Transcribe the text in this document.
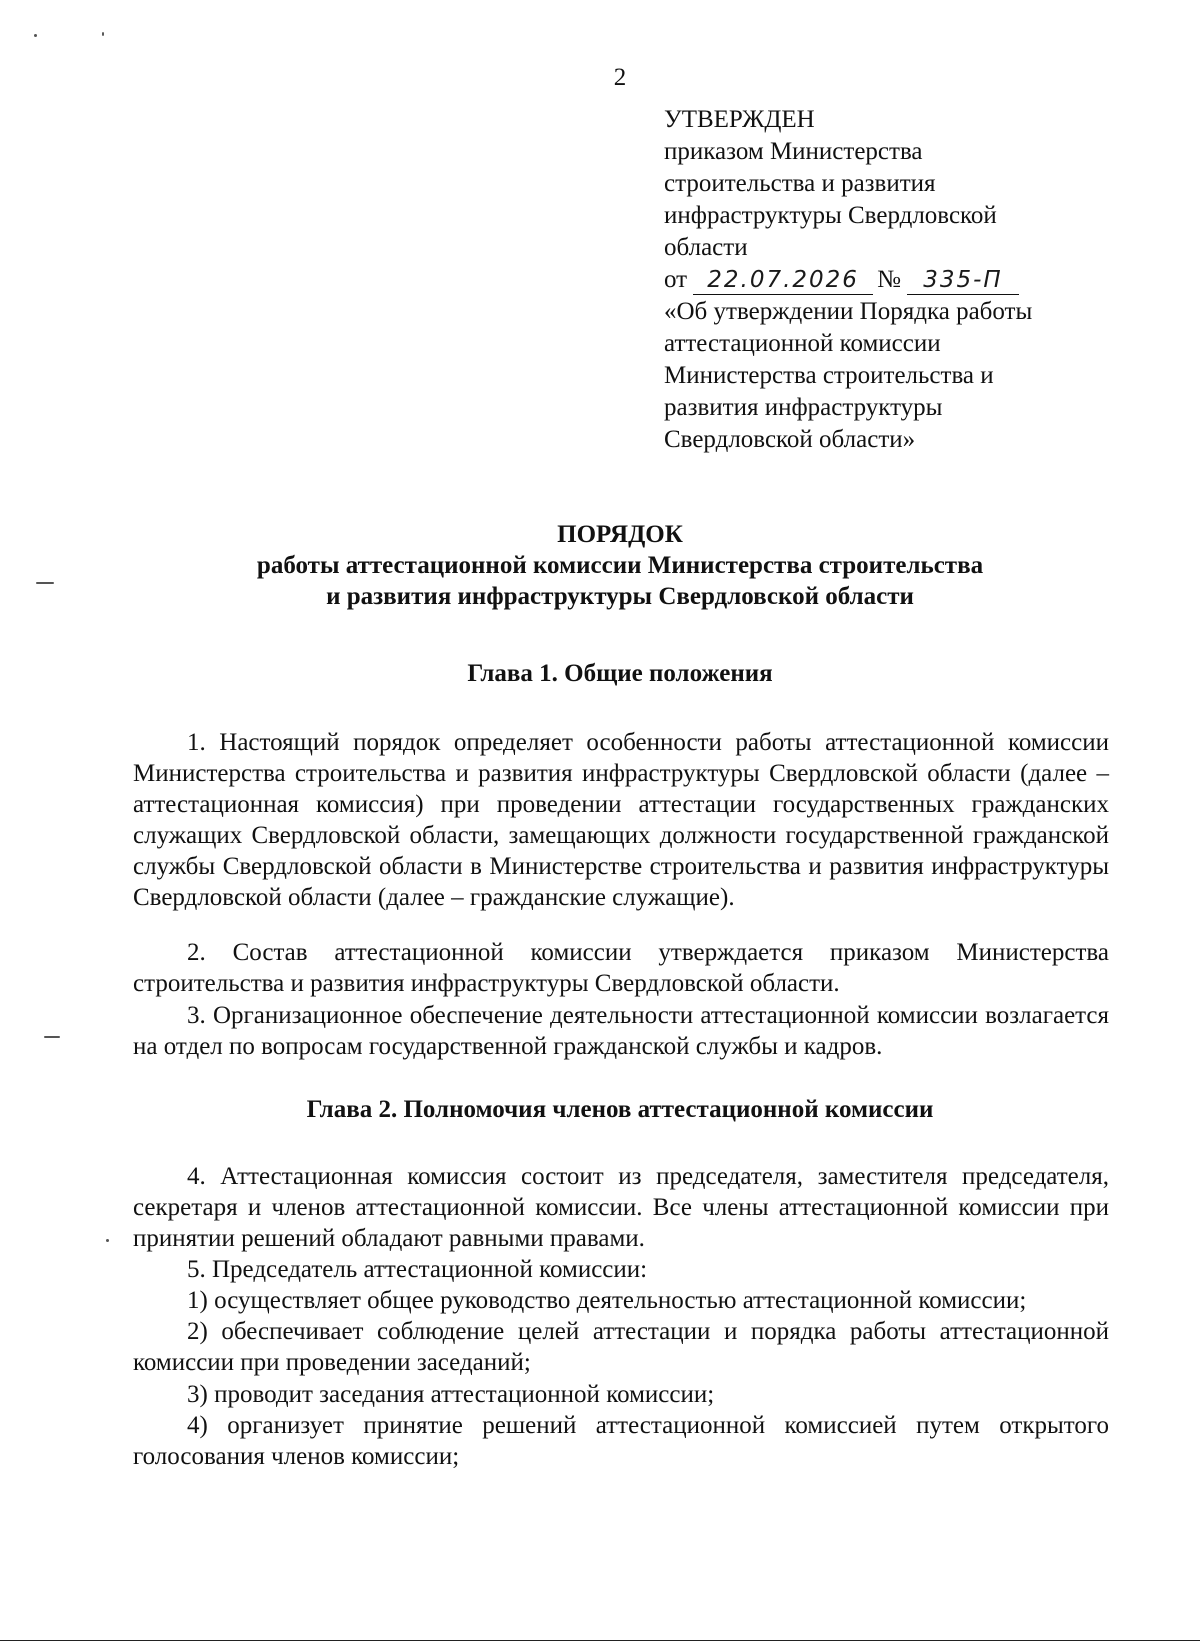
2
УТВЕРЖДЕН
приказом Министерства
строительства и развития
инфраструктуры Свердловской
области
от 22.07.2026 № 335-П
«Об утверждении Порядка работы
аттестационной комиссии
Министерства строительства и
развития инфраструктуры
Свердловской области»
ПОРЯДОК
работы аттестационной комиссии Министерства строительства
и развития инфраструктуры Свердловской области
Глава 1. Общие положения
1. Настоящий порядок определяет особенности работы аттестационной комиссии Министерства строительства и развития инфраструктуры Свердловской области (далее – аттестационная комиссия) при проведении аттестации государственных гражданских служащих Свердловской области, замещающих должности государственной гражданской службы Свердловской области в Министерстве строительства и развития инфраструктуры Свердловской области (далее – гражданские служащие).
2. Состав аттестационной комиссии утверждается приказом Министерства строительства и развития инфраструктуры Свердловской области.
3. Организационное обеспечение деятельности аттестационной комиссии возлагается на отдел по вопросам государственной гражданской службы и кадров.
Глава 2. Полномочия членов аттестационной комиссии
4. Аттестационная комиссия состоит из председателя, заместителя председателя, секретаря и членов аттестационной комиссии. Все члены аттестационной комиссии при принятии решений обладают равными правами.
5. Председатель аттестационной комиссии:
1) осуществляет общее руководство деятельностью аттестационной комиссии;
2) обеспечивает соблюдение целей аттестации и порядка работы аттестационной комиссии при проведении заседаний;
3) проводит заседания аттестационной комиссии;
4) организует принятие решений аттестационной комиссией путем открытого голосования членов комиссии;
